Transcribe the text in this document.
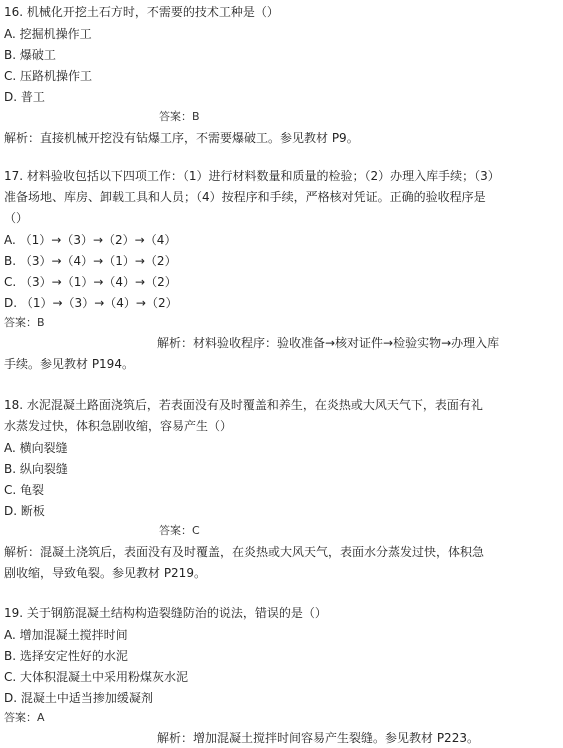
16. 机械化开挖土石方时，不需要的技术工种是（）
A. 挖掘机操作工
B. 爆破工
C. 压路机操作工
D. 普工
答案：B
解析：直接机械开挖没有钻爆工序，不需要爆破工。参见教材 P9。
17. 材料验收包括以下四项工作：（1）进行材料数量和质量的检验；（2）办理入库手续；（3）
准备场地、库房、卸载工具和人员；（4）按程序和手续，严格核对凭证。正确的验收程序是
（）
A. （1）→（3）→（2）→（4）
B. （3）→（4）→（1）→（2）
C. （3）→（1）→（4）→（2）
D. （1）→（3）→（4）→（2）
答案：B
解析：材料验收程序：验收准备→核对证件→检验实物→办理入库
手续。参见教材 P194。
18. 水泥混凝土路面浇筑后，若表面没有及时覆盖和养生，在炎热或大风天气下，表面有礼
水蒸发过快，体积急剧收缩，容易产生（）
A. 横向裂缝
B. 纵向裂缝
C. 龟裂
D. 断板
答案：C
解析：混凝土浇筑后，表面没有及时覆盖，在炎热或大风天气，表面水分蒸发过快，体积急
剧收缩，导致龟裂。参见教材 P219。
19. 关于钢筋混凝土结构构造裂缝防治的说法，错误的是（）
A. 增加混凝土搅拌时间
B. 选择安定性好的水泥
C. 大体积混凝土中采用粉煤灰水泥
D. 混凝土中适当掺加缓凝剂
答案：A
解析：增加混凝土搅拌时间容易产生裂缝。参见教材 P223。
